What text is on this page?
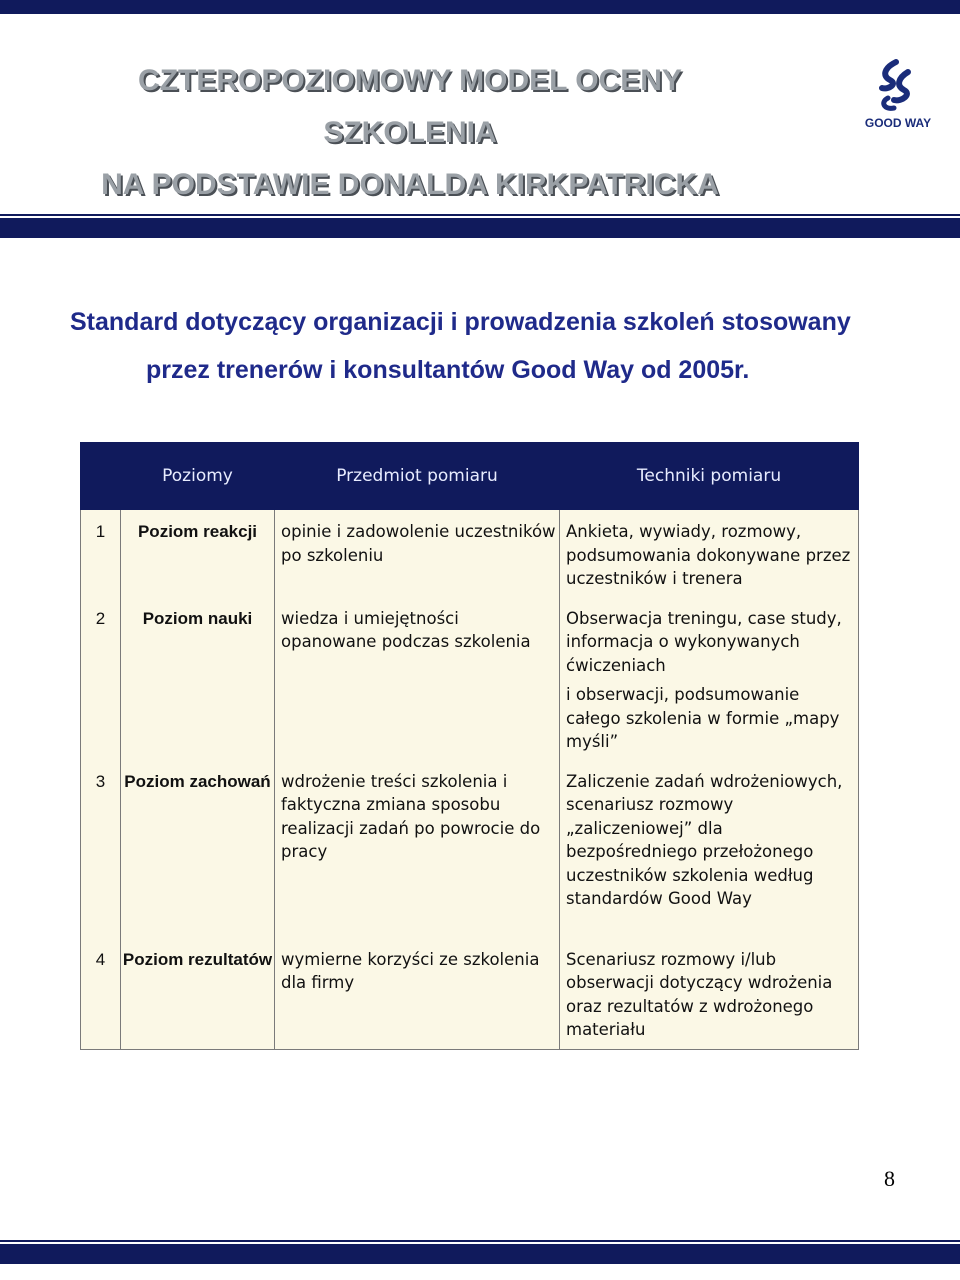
CZTEROPOZIOMOWY MODEL OCENY
SZKOLENIA
NA PODSTAWIE DONALDA KIRKPATRICKA
GOOD WAY
Standard dotyczący organizacji i prowadzenia szkoleń stosowany
przez trenerów i konsultantów Good Way od 2005r.
	Poziomy	Przedmiot pomiaru	Techniki pomiaru
1	Poziom reakcji	opinie i zadowolenie uczestników po szkoleniu	Ankieta, wywiady, rozmowy, podsumowania dokonywane przez uczestników i trenera

2	Poziom nauki	wiedza i umiejętności opanowane podczas szkolenia	Obserwacja treningu, case study, informacja o wykonywanych ćwiczeniach
i obserwacji, podsumowanie całego szkolenia w formie „mapy myśli”

3	Poziom zachowań	wdrożenie treści szkolenia i faktyczna zmiana sposobu realizacji zadań po powrocie do pracy	Zaliczenie zadań wdrożeniowych, scenariusz rozmowy „zaliczeniowej” dla bezpośredniego przełożonego uczestników szkolenia według standardów Good Way

4	Poziom rezultatów	wymierne korzyści ze szkolenia dla firmy	Scenariusz rozmowy i/lub obserwacji dotyczący wdrożenia oraz rezultatów z wdrożonego materiału
8
